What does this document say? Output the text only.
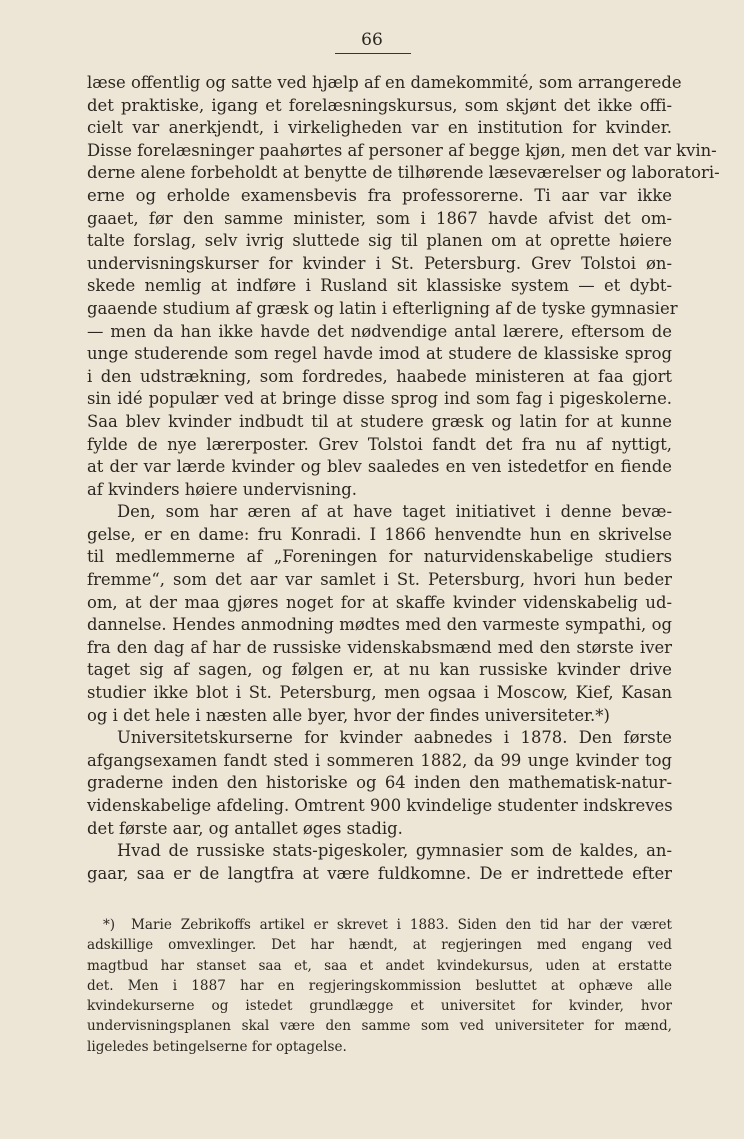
66
læse offentlig og satte ved hjælp af en damekommité, som arrangerede
det praktiske, igang et forelæsningskursus, som skjønt det ikke offi-
cielt var anerkjendt, i virkeligheden var en institution for kvinder.
Disse forelæsninger paahørtes af personer af begge kjøn, men det var kvin-
derne alene forbeholdt at benytte de tilhørende læseværelser og laboratori-
erne og erholde examensbevis fra professorerne. Ti aar var ikke
gaaet, før den samme minister, som i 1867 havde afvist det om-
talte forslag, selv ivrig sluttede sig til planen om at oprette høiere
undervisningskurser for kvinder i St. Petersburg. Grev Tolstoi øn-
skede nemlig at indføre i Rusland sit klassiske system — et dybt-
gaaende studium af græsk og latin i efterligning af de tyske gymnasier
— men da han ikke havde det nødvendige antal lærere, eftersom de
unge studerende som regel havde imod at studere de klassiske sprog
i den udstrækning, som fordredes, haabede ministeren at faa gjort
sin idé populær ved at bringe disse sprog ind som fag i pigeskolerne.
Saa blev kvinder indbudt til at studere græsk og latin for at kunne
fylde de nye lærerposter. Grev Tolstoi fandt det fra nu af nyttigt,
at der var lærde kvinder og blev saaledes en ven istedetfor en fiende
af kvinders høiere undervisning.
Den, som har æren af at have taget initiativet i denne bevæ-
gelse, er en dame: fru Konradi. I 1866 henvendte hun en skrivelse
til medlemmerne af „Foreningen for naturvidenskabelige studiers
fremme“, som det aar var samlet i St. Petersburg, hvori hun beder
om, at der maa gjøres noget for at skaffe kvinder videnskabelig ud-
dannelse. Hendes anmodning mødtes med den varmeste sympathi, og
fra den dag af har de russiske videnskabsmænd med den største iver
taget sig af sagen, og følgen er, at nu kan russiske kvinder drive
studier ikke blot i St. Petersburg, men ogsaa i Moscow, Kief, Kasan
og i det hele i næsten alle byer, hvor der findes universiteter.*)
Universitetskurserne for kvinder aabnedes i 1878. Den første
afgangsexamen fandt sted i sommeren 1882, da 99 unge kvinder tog
graderne inden den historiske og 64 inden den mathematisk-natur-
videnskabelige afdeling. Omtrent 900 kvindelige studenter indskreves
det første aar, og antallet øges stadig.
Hvad de russiske stats-pigeskoler, gymnasier som de kaldes, an-
gaar, saa er de langtfra at være fuldkomne. De er indrettede efter
*) Marie Zebrikoffs artikel er skrevet i 1883. Siden den tid har der været
adskillige omvexlinger. Det har hændt, at regjeringen med engang ved
magtbud har stanset saa et, saa et andet kvindekursus, uden at erstatte
det. Men i 1887 har en regjeringskommission besluttet at ophæve alle
kvindekurserne og istedet grundlægge et universitet for kvinder, hvor
undervisningsplanen skal være den samme som ved universiteter for mænd,
ligeledes betingelserne for optagelse.
